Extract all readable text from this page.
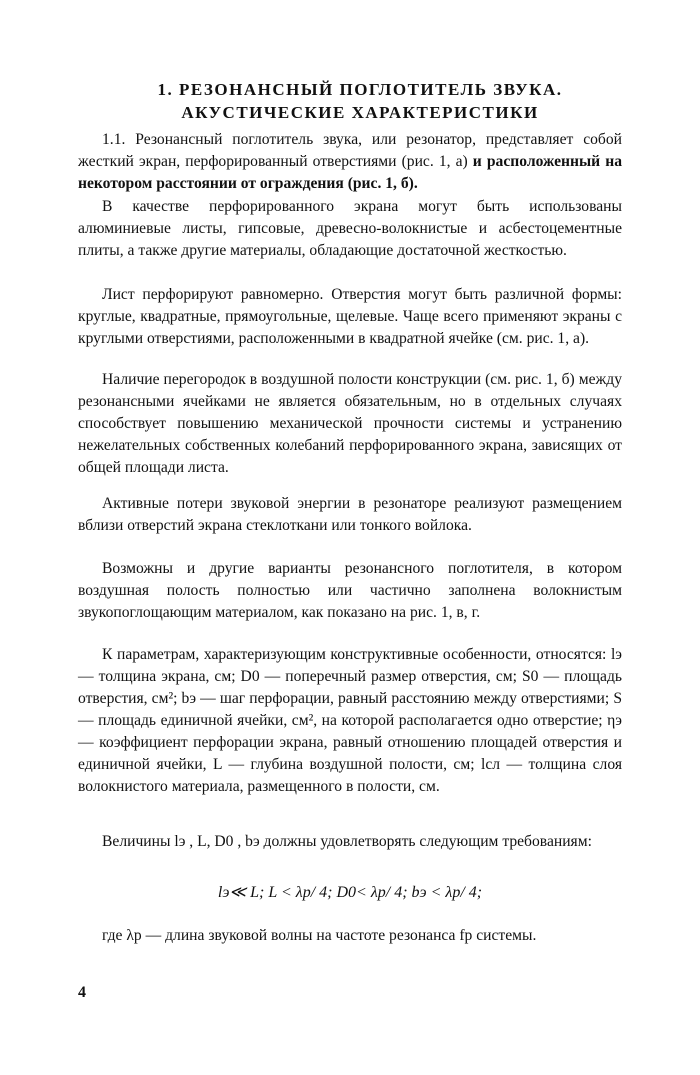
1. РЕЗОНАНСНЫЙ ПОГЛОТИТЕЛЬ ЗВУКА.
АКУСТИЧЕСКИЕ ХАРАКТЕРИСТИКИ
1.1. Резонансный поглотитель звука, или резонатор, представляет собой жесткий экран, перфорированный отверстиями (рис. 1, а) и расположенный на некотором расстоянии от ограждения (рис. 1, б).
В качестве перфорированного экрана могут быть использованы алюминиевые листы, гипсовые, древесно-волокнистые и асбестоцементные плиты, а также другие материалы, обладающие достаточной жесткостью.
Лист перфорируют равномерно. Отверстия могут быть различной формы: круглые, квадратные, прямоугольные, щелевые. Чаще всего применяют экраны с круглыми отверстиями, расположенными в квадратной ячейке (см. рис. 1, а).
Наличие перегородок в воздушной полости конструкции (см. рис. 1, б) между резонансными ячейками не является обязательным, но в отдельных случаях способствует повышению механической прочности системы и устранению нежелательных собственных колебаний перфорированного экрана, зависящих от общей площади листа.
Активные потери звуковой энергии в резонаторе реализуют размещением вблизи отверстий экрана стеклоткани или тонкого войлока.
Возможны и другие варианты резонансного поглотителя, в котором воздушная полость полностью или частично заполнена волокнистым звукопоглощающим материалом, как показано на рис. 1, в, г.
К параметрам, характеризующим конструктивные особенности, относятся: lэ — толщина экрана, см; D0 — поперечный размер отверстия, см; S0 — площадь отверстия, см²; bэ — шаг перфорации, равный расстоянию между отверстиями; S — площадь единичной ячейки, см², на которой располагается одно отверстие; ηэ — коэффициент перфорации экрана, равный отношению площадей отверстия и единичной ячейки, L — глубина воздушной полости, см; lсл — толщина слоя волокнистого материала, размещенного в полости, см.
Величины lэ , L, D0 , bэ должны удовлетворять следующим требованиям:
lэ≪ L; L < λр/ 4; D0< λр/ 4; bэ < λр/ 4;
где λр — длина звуковой волны на частоте резонанса fр системы.
4
